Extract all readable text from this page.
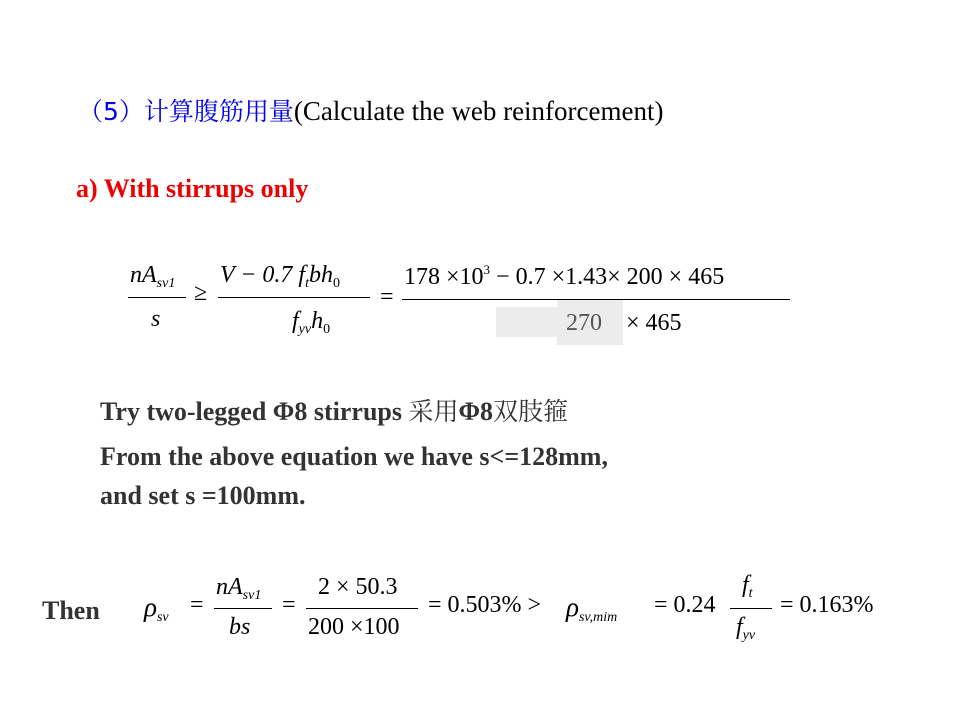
（5）计算腹筋用量(Calculate the web reinforcement)
a) With stirrups only
$nA_{sv1}$
s
≥
V − 0.7 $f_tbh_0$
$f_{yv}h_0$
=
$178 \times 10^3 - 0.7 \times 1.43\times 200 \times 465$
270 × 465
Try two-legged Φ8 stirrups 采用Φ8双肢箍
From the above equation we have s<=128mm,
and set s =100mm.
Then ρsv =
$nA_{sv1}$
bs
=
2 × 50.3
200 ×100
= 0.503% > ρsv,mim = 0.24
$f_t$
$f_{yv}$
= 0.163%
